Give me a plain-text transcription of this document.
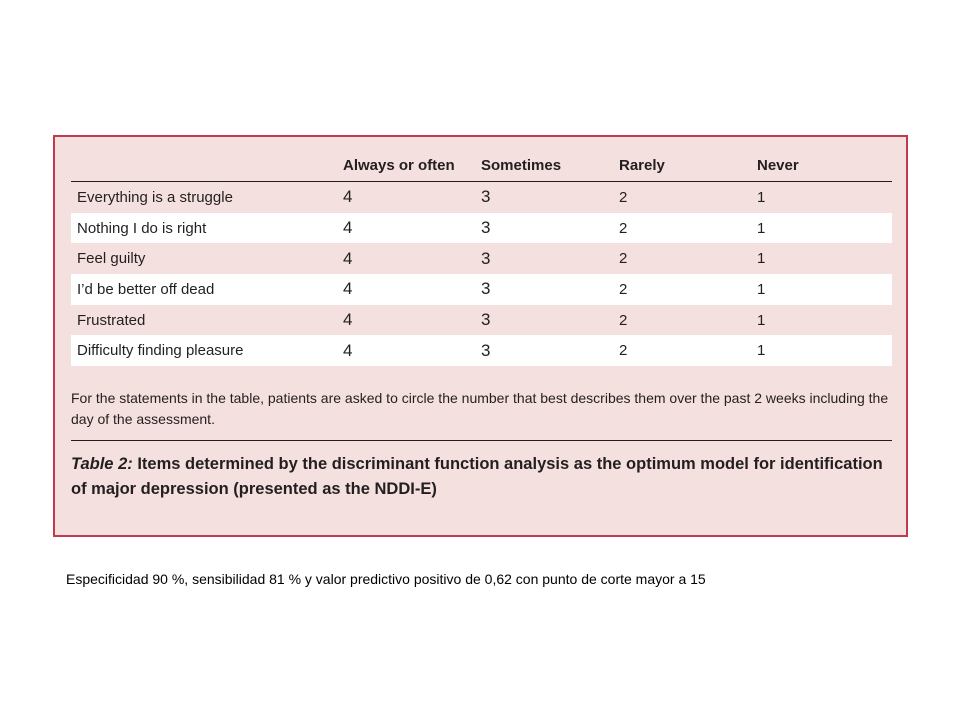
	Always or often	Sometimes	Rarely	Never
Everything is a struggle	4	3	2	1
Nothing I do is right	4	3	2	1
Feel guilty	4	3	2	1
I’d be better off dead	4	3	2	1
Frustrated	4	3	2	1
Difficulty finding pleasure	4	3	2	1
For the statements in the table, patients are asked to circle the number that best describes them over the past 2 weeks including the day of the assessment.
Table 2: Items determined by the discriminant function analysis as the optimum model for identification of major depression (presented as the NDDI-E)
Especificidad 90 %, sensibilidad 81 % y valor predictivo positivo de 0,62 con punto de corte mayor a 15
